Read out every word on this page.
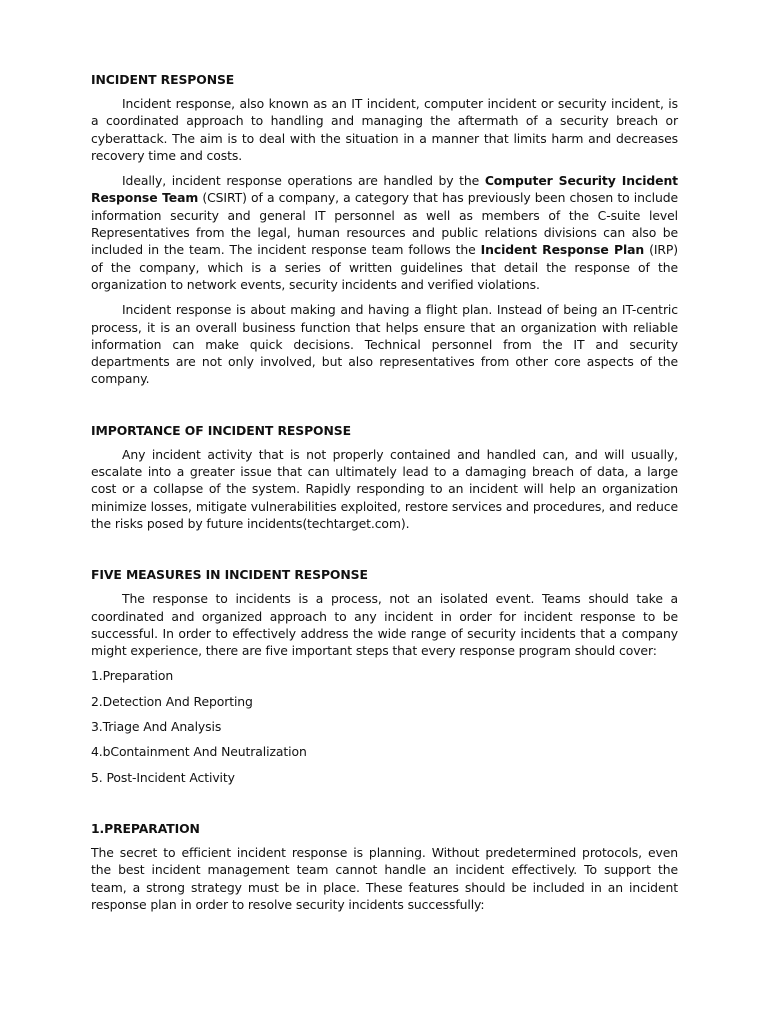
INCIDENT RESPONSE

Incident response, also known as an IT incident, computer incident or security incident, is a coordinated approach to handling and managing the aftermath of a security breach or cyberattack. The aim is to deal with the situation in a manner that limits harm and decreases recovery time and costs.

Ideally, incident response operations are handled by the Computer Security Incident Response Team (CSIRT) of a company, a category that has previously been chosen to include information security and general IT personnel as well as members of the C-suite level Representatives from the legal, human resources and public relations divisions can also be included in the team. The incident response team follows the Incident Response Plan (IRP) of the company, which is a series of written guidelines that detail the response of the organization to network events, security incidents and verified violations.

Incident response is about making and having a flight plan. Instead of being an IT-centric process, it is an overall business function that helps ensure that an organization with reliable information can make quick decisions. Technical personnel from the IT and security departments are not only involved, but also representatives from other core aspects of the company.

IMPORTANCE OF INCIDENT RESPONSE

Any incident activity that is not properly contained and handled can, and will usually, escalate into a greater issue that can ultimately lead to a damaging breach of data, a large cost or a collapse of the system. Rapidly responding to an incident will help an organization minimize losses, mitigate vulnerabilities exploited, restore services and procedures, and reduce the risks posed by future incidents(techtarget.com).

FIVE MEASURES IN INCIDENT RESPONSE

The response to incidents is a process, not an isolated event. Teams should take a coordinated and organized approach to any incident in order for incident response to be successful. In order to effectively address the wide range of security incidents that a company might experience, there are five important steps that every response program should cover:

1.Preparation
2.Detection And Reporting
3.Triage And Analysis
4.bContainment And Neutralization
5. Post-Incident Activity
1.PREPARATION

The secret to efficient incident response is planning. Without predetermined protocols, even the best incident management team cannot handle an incident effectively. To support the team, a strong strategy must be in place. These features should be included in an incident response plan in order to resolve security incidents successfully:
